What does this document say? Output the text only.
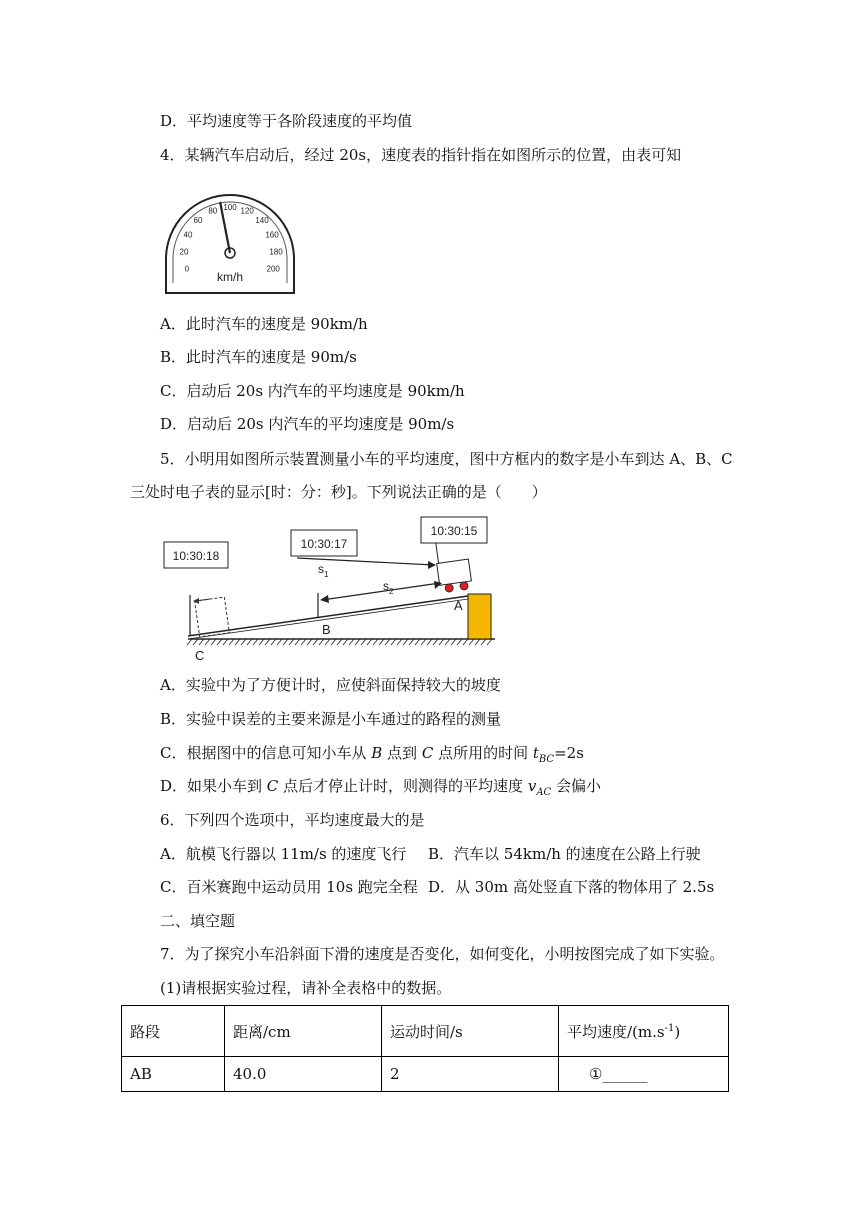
D．平均速度等于各阶段速度的平均值
4．某辆汽车启动后，经过 20s，速度表的指针指在如图所示的位置，由表可知
0
20
40
60
80 100 120
140
160
180
200
km/h
A．此时汽车的速度是 90km/h
B．此时汽车的速度是 90m/s
C．启动后 20s 内汽车的平均速度是 90km/h
D．启动后 20s 内汽车的平均速度是 90m/s
5．小明用如图所示装置测量小车的平均速度，图中方框内的数字是小车到达 A、B、C
三处时电子表的显示[时：分：秒]。下列说法正确的是（　　）
$s_1$
$s_2$
A
B
C
10:30:18
10:30:17
10:30:15
A．实验中为了方便计时，应使斜面保持较大的坡度
B．实验中误差的主要来源是小车通过的路程的测量
C．根据图中的信息可知小车从 B 点到 C 点所用的时间 $t_{BC}=2s$
D．如果小车到 C 点后才停止计时，则测得的平均速度 $v_{AC}$ 会偏小
6．下列四个选项中，平均速度最大的是
A．航模飞行器以 11m/s 的速度飞行 B．汽车以 54km/h 的速度在公路上行驶
C．百米赛跑中运动员用 10s 跑完全程 D．从 30m 高处竖直下落的物体用了 2.5s
二、填空题
7．为了探究小车沿斜面下滑的速度是否变化，如何变化，小明按图完成了如下实验。
(1)请根据实验过程，请补全表格中的数据。
路段	距离/cm	运动时间/s	平均速度$/(m.s^{-1})$
AB	40.0	2	①______
